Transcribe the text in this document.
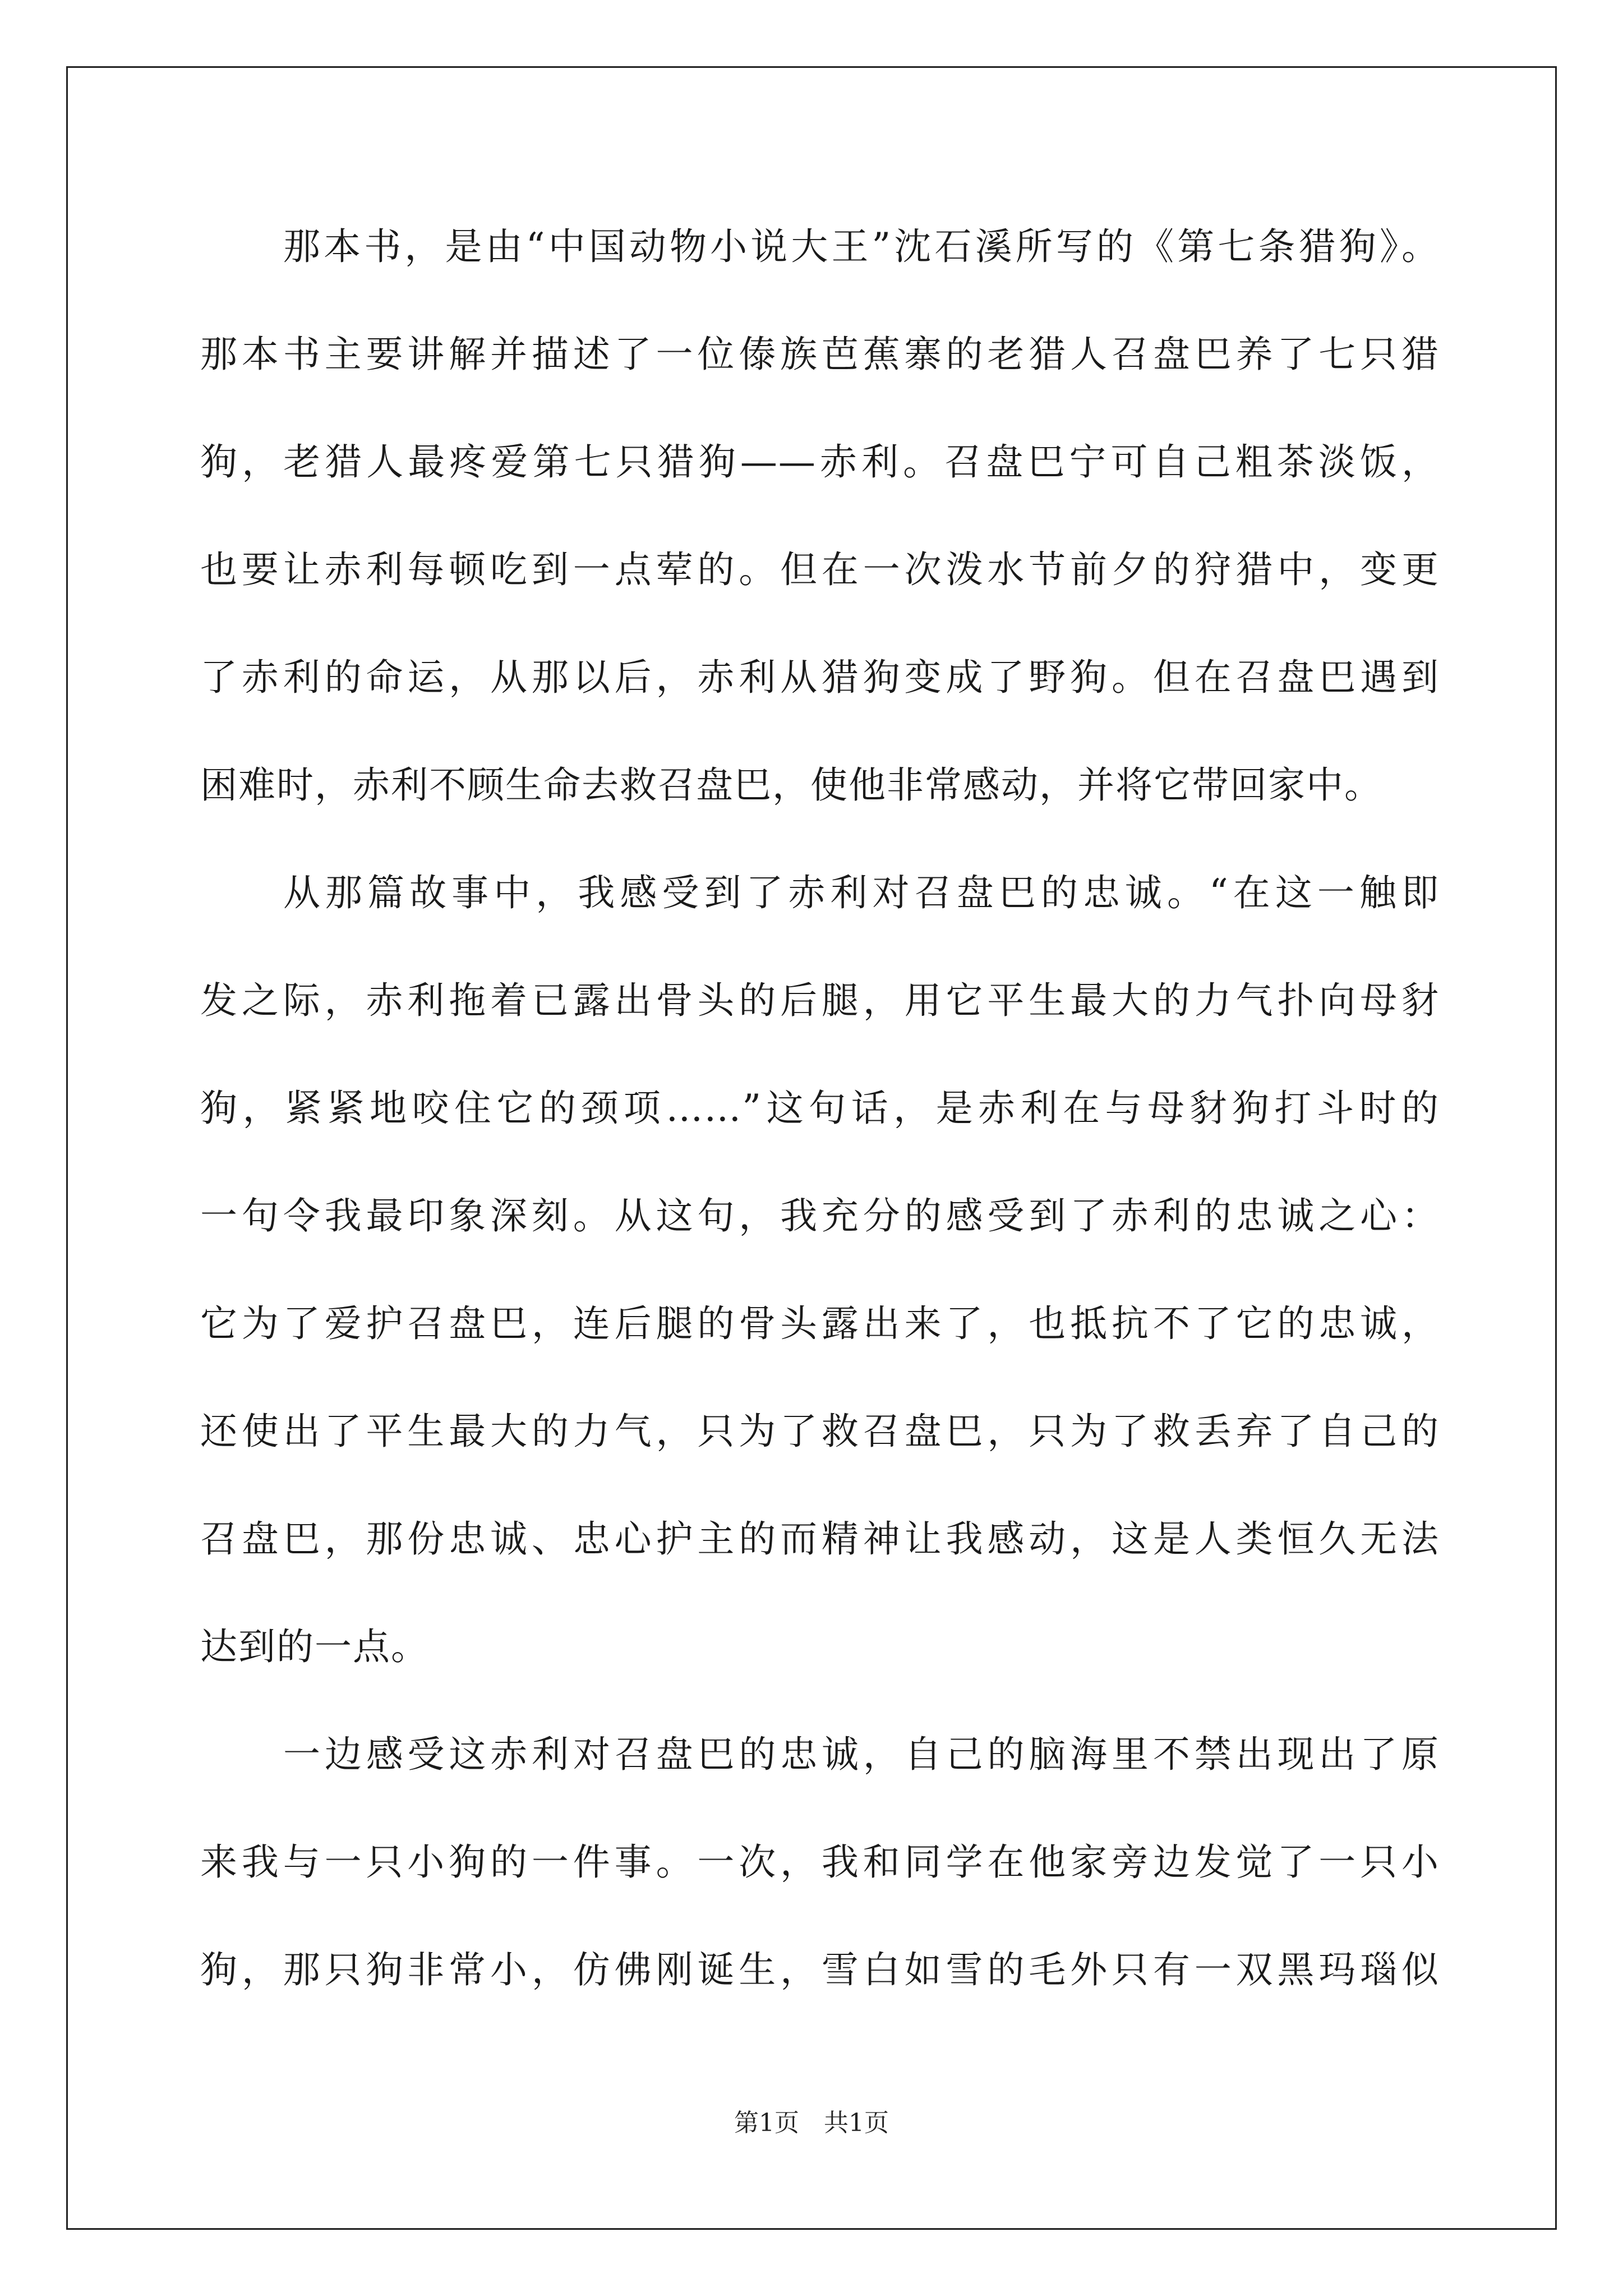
那本书，是由“中国动物小说大王”沈石溪所写的《第七条猎狗》。
那本书主要讲解并描述了一位傣族芭蕉寨的老猎人召盘巴养了七只猎
狗，老猎人最疼爱第七只猎狗——赤利。召盘巴宁可自己粗茶淡饭，
也要让赤利每顿吃到一点荤的。但在一次泼水节前夕的狩猎中，变更
了赤利的命运，从那以后，赤利从猎狗变成了野狗。但在召盘巴遇到
困难时，赤利不顾生命去救召盘巴，使他非常感动，并将它带回家中。
从那篇故事中，我感受到了赤利对召盘巴的忠诚。“在这一触即
发之际，赤利拖着已露出骨头的后腿，用它平生最大的力气扑向母豺
狗，紧紧地咬住它的颈项……”这句话，是赤利在与母豺狗打斗时的
一句令我最印象深刻。从这句，我充分的感受到了赤利的忠诚之心：
它为了爱护召盘巴，连后腿的骨头露出来了，也抵抗不了它的忠诚，
还使出了平生最大的力气，只为了救召盘巴，只为了救丢弃了自己的
召盘巴，那份忠诚、忠心护主的而精神让我感动，这是人类恒久无法
达到的一点。
一边感受这赤利对召盘巴的忠诚，自己的脑海里不禁出现出了原
来我与一只小狗的一件事。一次，我和同学在他家旁边发觉了一只小
狗，那只狗非常小，仿佛刚诞生，雪白如雪的毛外只有一双黑玛瑙似
第1页 共1页
